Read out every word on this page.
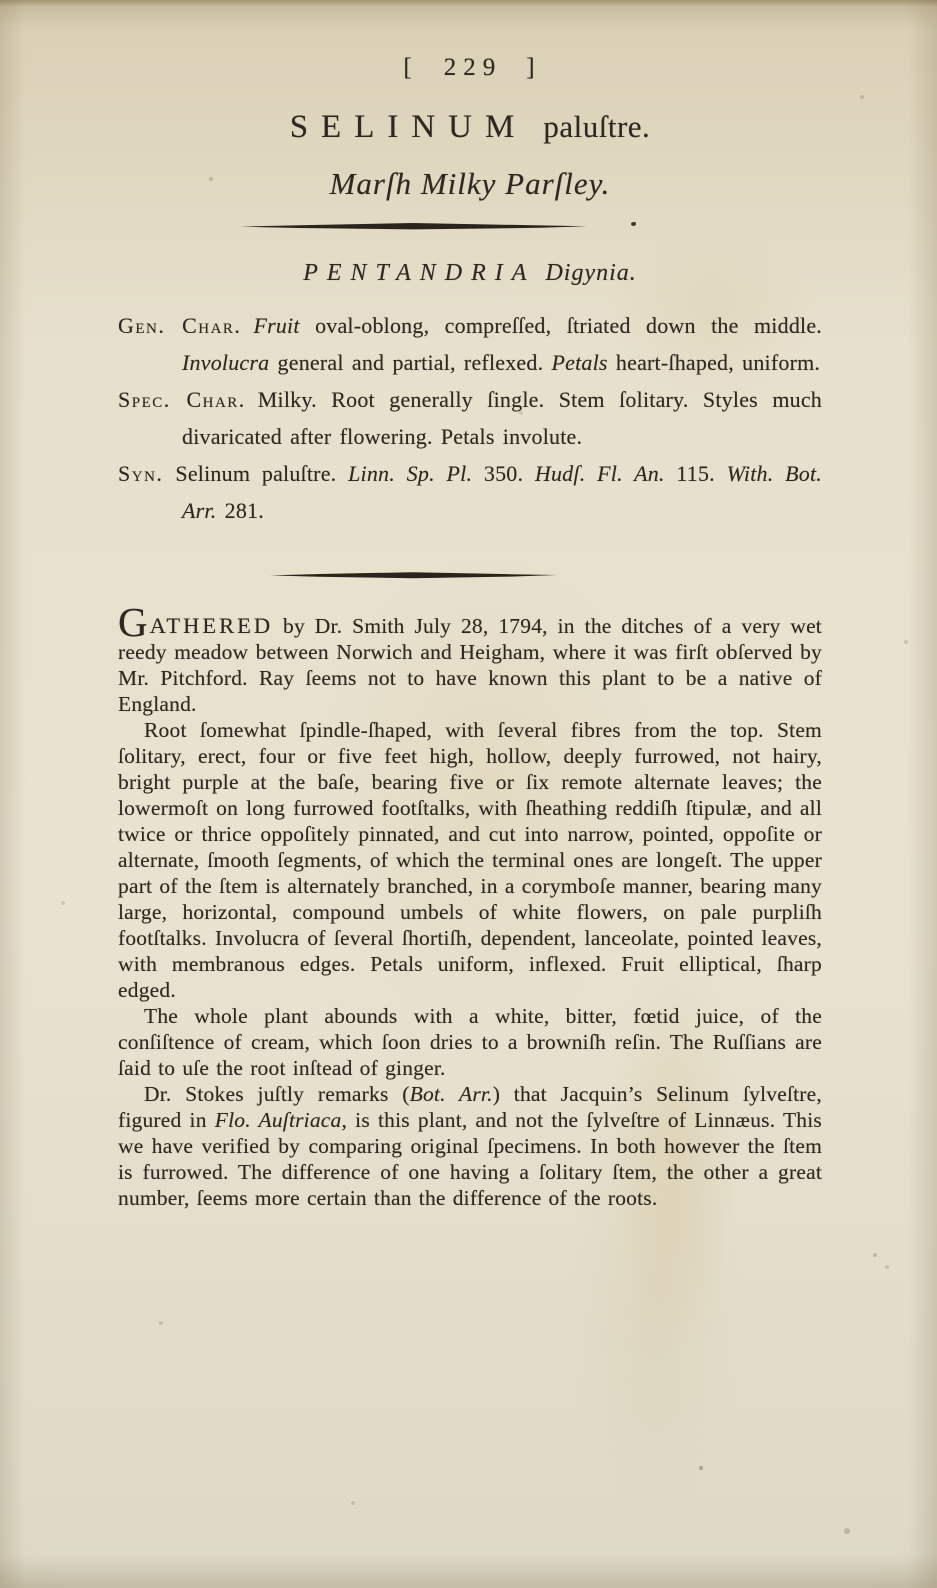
[ 229 ]
SELINUM paluſtre.
Marſh Milky Parſley.
PENTANDRIA Digynia.

Gen. Char. Fruit oval-oblong, compreſſed, ſtriated down the middle. Involucra general and partial, reflexed. Petals heart-ſhaped, uniform.

Spec. Char. Milky. Root generally ſingle. Stem ſolitary. Styles much divaricated after flowering. Petals involute.

Syn. Selinum paluſtre. Linn. Sp. Pl. 350. Hudſ. Fl. An. 115. With. Bot. Arr. 281.

GATHERED by Dr. Smith July 28, 1794, in the ditches of a very wet reedy meadow between Norwich and Heigham, where it was firſt obſerved by Mr. Pitchford. Ray ſeems not to have known this plant to be a native of England.

Root ſomewhat ſpindle-ſhaped, with ſeveral fibres from the top. Stem ſolitary, erect, four or five feet high, hollow, deeply furrowed, not hairy, bright purple at the baſe, bearing five or ſix remote alternate leaves; the lowermoſt on long furrowed footſtalks, with ſheathing reddiſh ſtipulæ, and all twice or thrice oppoſitely pinnated, and cut into narrow, pointed, oppoſite or alternate, ſmooth ſegments, of which the terminal ones are longeſt. The upper part of the ſtem is alternately branched, in a corymboſe manner, bearing many large, horizontal, compound umbels of white flowers, on pale purpliſh footſtalks. Involucra of ſeveral ſhortiſh, dependent, lanceolate, pointed leaves, with membranous edges. Petals uniform, inflexed. Fruit elliptical, ſharp edged.

The whole plant abounds with a white, bitter, fœtid juice, of the conſiſtence of cream, which ſoon dries to a browniſh reſin. The Ruſſians are ſaid to uſe the root inſtead of ginger.

Dr. Stokes juſtly remarks (Bot. Arr.) that Jacquin’s Selinum ſylveſtre, figured in Flo. Auſtriaca, is this plant, and not the ſylveſtre of Linnæus. This we have verified by comparing original ſpecimens. In both however the ſtem is furrowed. The difference of one having a ſolitary ſtem, the other a great number, ſeems more certain than the difference of the roots.
